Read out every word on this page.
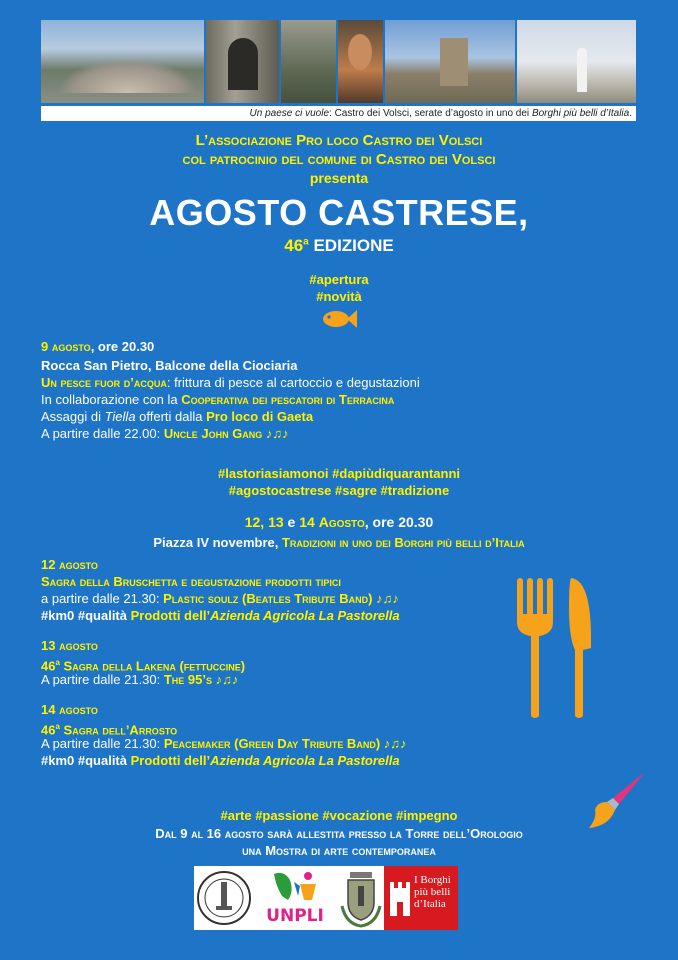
Un paese ci vuole: Castro dei Volsci, serate d’agosto in uno dei Borghi più belli d’Italia.
L’associazione Pro loco Castro dei Volsci
col patrocinio del comune di Castro dei Volsci
presenta
AGOSTO CASTRESE,
46$^a$ EDIZIONE
#apertura
#novità
9 agosto, ore 20.30
Rocca San Pietro, Balcone della Ciociaria
Un pesce fuor d’acqua: frittura di pesce al cartoccio e degustazioni
In collaborazione con la Cooperativa dei pescatori di Terracina
Assaggi di Tiella offerti dalla Pro loco di Gaeta
A partire dalle 22.00: Uncle John Gang ♪♫♪
#lastoriasiamonoi #dapiùdiquarantanni
#agostocastrese #sagre #tradizione
12, 13 e 14 Agosto, ore 20.30
Piazza IV novembre, Tradizioni in uno dei Borghi più belli d’Italia
12 agosto
Sagra della Bruschetta e degustazione prodotti tipici
a partire dalle 21.30: Plastic soulz (Beatles Tribute Band) ♪♫♪
#km0 #qualità Prodotti dell’Azienda Agricola La Pastorella
13 agosto
46$^a$ Sagra della Lakena (fettuccine)
A partire dalle 21.30: The 95’s ♪♫♪
14 agosto
46$^a$ Sagra dell’Arrosto
A partire dalle 21.30: Peacemaker (Green Day Tribute Band) ♪♫♪
#km0 #qualità Prodotti dell’Azienda Agricola La Pastorella
#arte #passione #vocazione #impegno
Dal 9 al 16 agosto sarà allestita presso la Torre dell’Orologio
una Mostra di arte contemporanea
UNPLI
I Borghi
più belli
d’Italia
